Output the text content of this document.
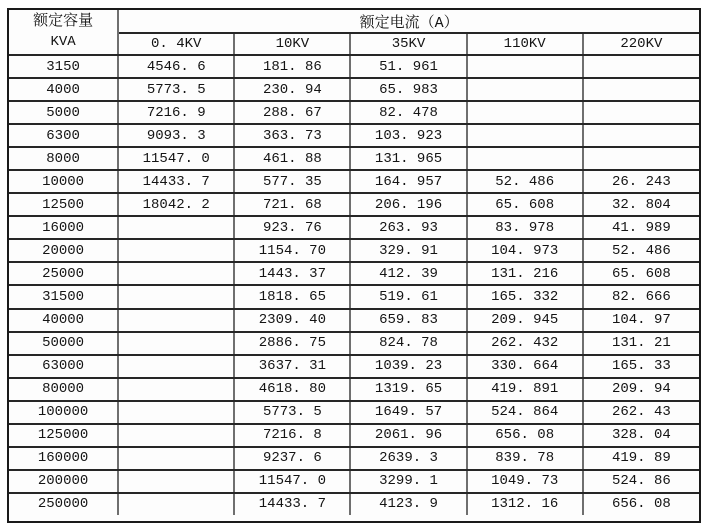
额定容量
KVA	额定电流（A）				
	0. 4KV	10KV	35KV	110KV	220KV
3150	4546. 6	181. 86	51. 961		
4000	5773. 5	230. 94	65. 983		
5000	7216. 9	288. 67	82. 478		
6300	9093. 3	363. 73	103. 923		
8000	11547. 0	461. 88	131. 965		
10000	14433. 7	577. 35	164. 957	52. 486	26. 243
12500	18042. 2	721. 68	206. 196	65. 608	32. 804
16000		923. 76	263. 93	83. 978	41. 989
20000		1154. 70	329. 91	104. 973	52. 486
25000		1443. 37	412. 39	131. 216	65. 608
31500		1818. 65	519. 61	165. 332	82. 666
40000		2309. 40	659. 83	209. 945	104. 97
50000		2886. 75	824. 78	262. 432	131. 21
63000		3637. 31	1039. 23	330. 664	165. 33
80000		4618. 80	1319. 65	419. 891	209. 94
100000		5773. 5	1649. 57	524. 864	262. 43
125000		7216. 8	2061. 96	656. 08	328. 04
160000		9237. 6	2639. 3	839. 78	419. 89
200000		11547. 0	3299. 1	1049. 73	524. 86
250000		14433. 7	4123. 9	1312. 16	656. 08
